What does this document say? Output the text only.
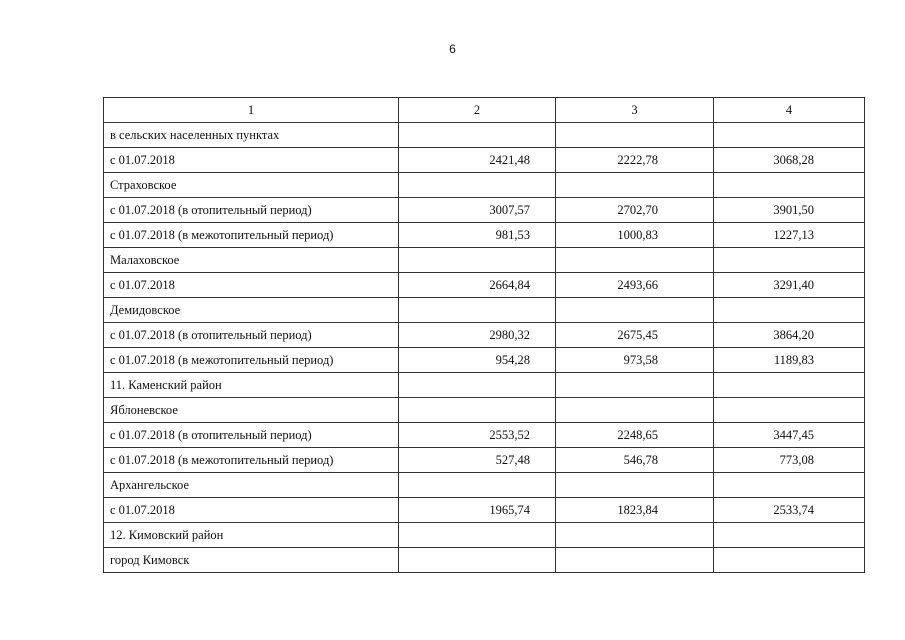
6
1	2	3	4
в сельских населенных пунктах			
с 01.07.2018	2421,48	2222,78	3068,28
Страховское			
с 01.07.2018 (в отопительный период)	3007,57	2702,70	3901,50
с 01.07.2018 (в межотопительный период)	981,53	1000,83	1227,13
Малаховское			
с 01.07.2018	2664,84	2493,66	3291,40
Демидовское			
с 01.07.2018 (в отопительный период)	2980,32	2675,45	3864,20
с 01.07.2018 (в межотопительный период)	954,28	973,58	1189,83
11. Каменский район			
Яблоневское			
с 01.07.2018 (в отопительный период)	2553,52	2248,65	3447,45
с 01.07.2018 (в межотопительный период)	527,48	546,78	773,08
Архангельское			
с 01.07.2018	1965,74	1823,84	2533,74
12. Кимовский район			
город Кимовск			
